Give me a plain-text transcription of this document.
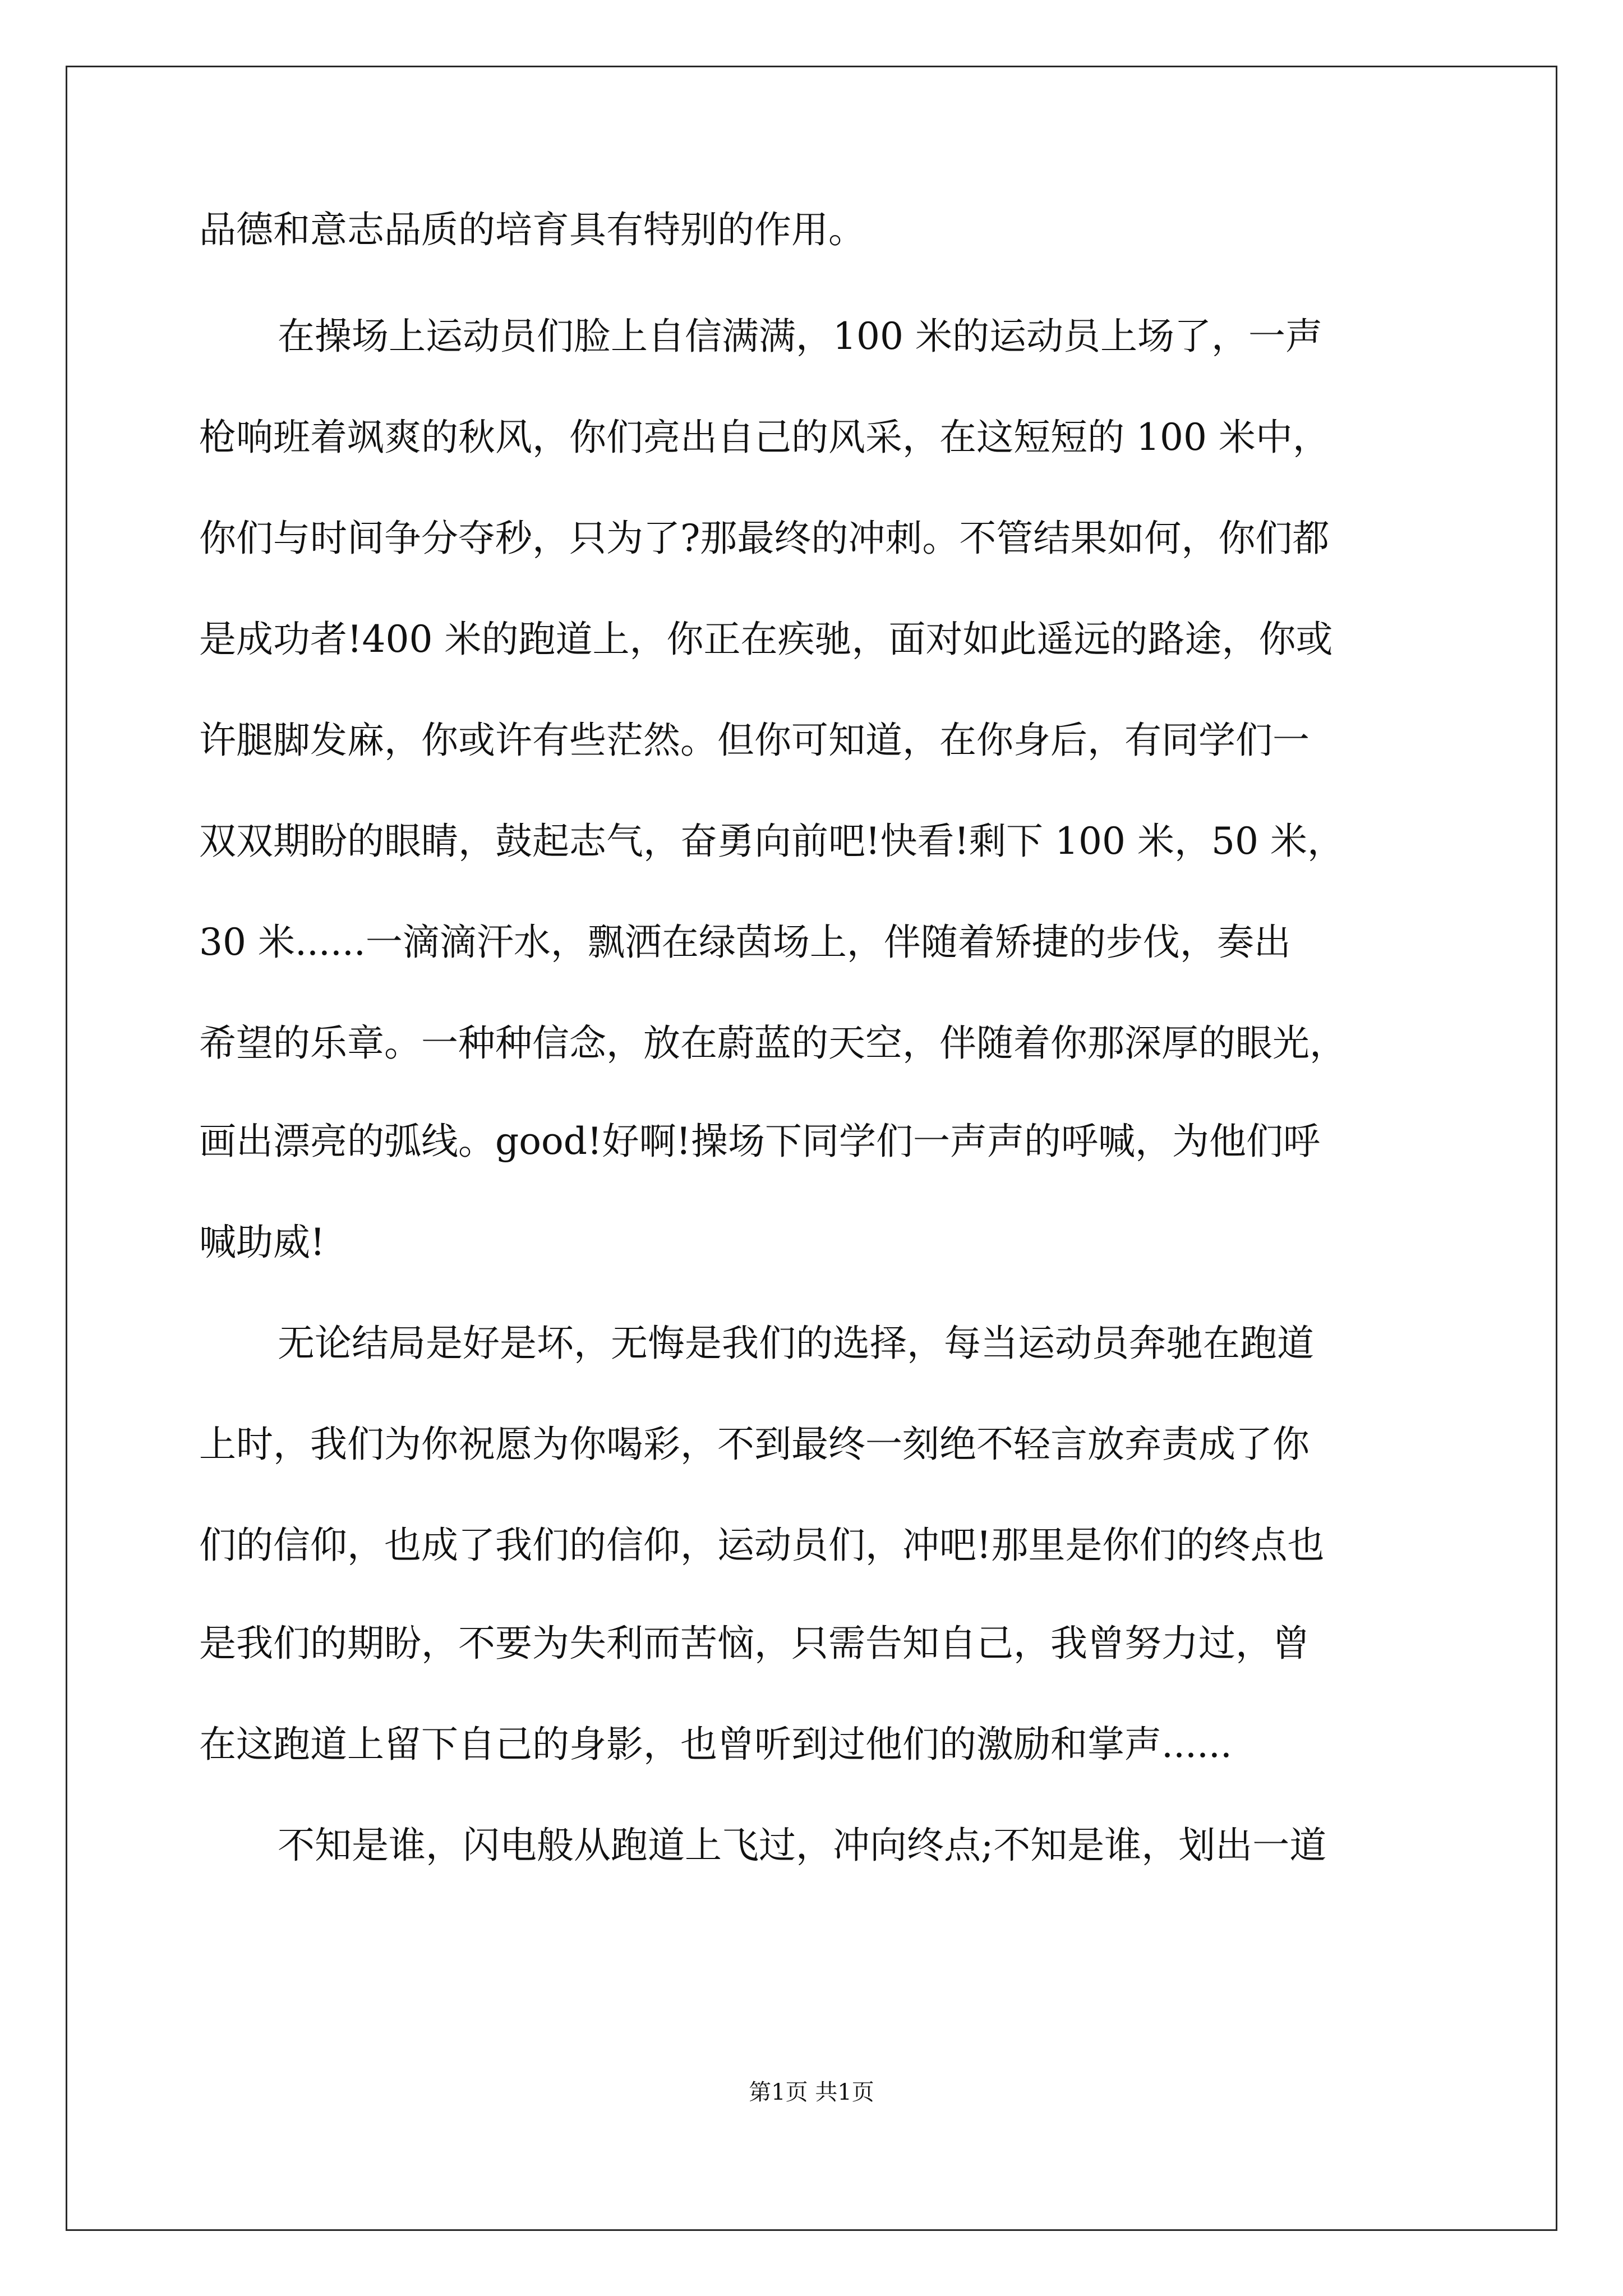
品德和意志品质的培育具有特别的作用。
在操场上运动员们脸上自信满满，100 米的运动员上场了，一声
枪响班着飒爽的秋风，你们亮出自己的风采，在这短短的 100 米中，
你们与时间争分夺秒，只为了?那最终的冲刺。不管结果如何，你们都
是成功者!400 米的跑道上，你正在疾驰，面对如此遥远的路途，你或
许腿脚发麻，你或许有些茫然。但你可知道，在你身后，有同学们一
双双期盼的眼睛，鼓起志气，奋勇向前吧!快看!剩下 100 米，50 米，
30 米......一滴滴汗水，飘洒在绿茵场上，伴随着矫捷的步伐，奏出
希望的乐章。一种种信念，放在蔚蓝的天空，伴随着你那深厚的眼光，
画出漂亮的弧线。good!好啊!操场下同学们一声声的呼喊，为他们呼
喊助威!
无论结局是好是坏，无悔是我们的选择，每当运动员奔驰在跑道
上时，我们为你祝愿为你喝彩，不到最终一刻绝不轻言放弃责成了你
们的信仰，也成了我们的信仰，运动员们，冲吧!那里是你们的终点也
是我们的期盼，不要为失利而苦恼，只需告知自己，我曾努力过，曾
在这跑道上留下自己的身影，也曾听到过他们的激励和掌声......
不知是谁，闪电般从跑道上飞过，冲向终点;不知是谁，划出一道
第1页 共1页
